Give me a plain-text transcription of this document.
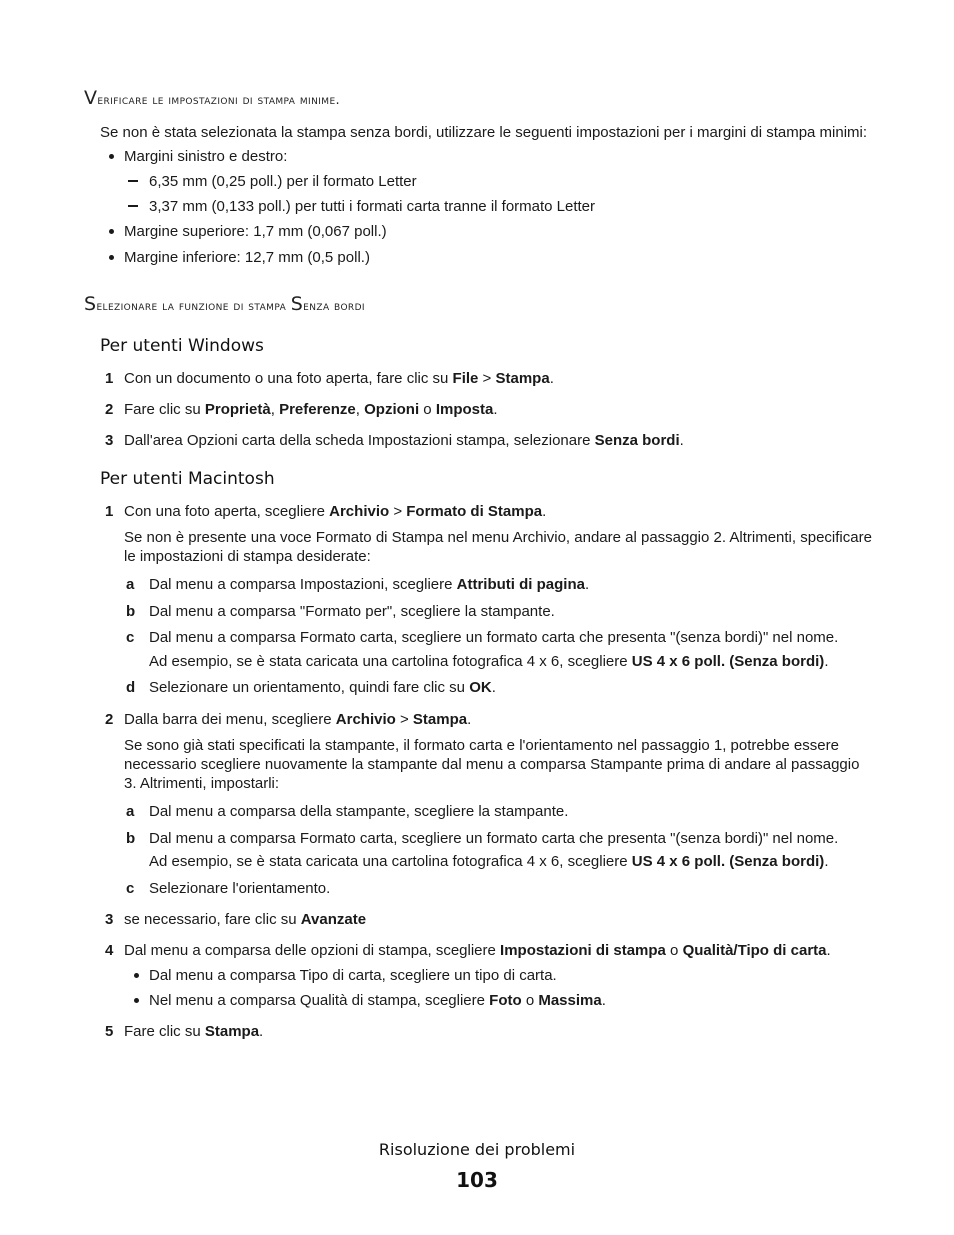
Verificare le impostazioni di stampa minime.
Se non è stata selezionata la stampa senza bordi, utilizzare le seguenti impostazioni per i margini di stampa minimi:
Margini sinistro e destro:
6,35 mm (0,25 poll.) per il formato Letter
3,37 mm (0,133 poll.) per tutti i formati carta tranne il formato Letter
Margine superiore: 1,7 mm (0,067 poll.)
Margine inferiore: 12,7 mm (0,5 poll.)
Selezionare la funzione di stampa Senza bordi
Per utenti Windows
1 Con un documento o una foto aperta, fare clic su File > Stampa.
2 Fare clic su Proprietà, Preferenze, Opzioni o Imposta.
3 Dall'area Opzioni carta della scheda Impostazioni stampa, selezionare Senza bordi.
Per utenti Macintosh
1 Con una foto aperta, scegliere Archivio > Formato di Stampa.
Se non è presente una voce Formato di Stampa nel menu Archivio, andare al passaggio 2. Altrimenti, specificare le impostazioni di stampa desiderate:
a Dal menu a comparsa Impostazioni, scegliere Attributi di pagina.
b Dal menu a comparsa "Formato per", scegliere la stampante.
c Dal menu a comparsa Formato carta, scegliere un formato carta che presenta "(senza bordi)" nel nome.
Ad esempio, se è stata caricata una cartolina fotografica 4 x 6, scegliere US 4 x 6 poll. (Senza bordi).
d Selezionare un orientamento, quindi fare clic su OK.
2 Dalla barra dei menu, scegliere Archivio > Stampa.
Se sono già stati specificati la stampante, il formato carta e l'orientamento nel passaggio 1, potrebbe essere necessario scegliere nuovamente la stampante dal menu a comparsa Stampante prima di andare al passaggio 3. Altrimenti, impostarli:
a Dal menu a comparsa della stampante, scegliere la stampante.
b Dal menu a comparsa Formato carta, scegliere un formato carta che presenta "(senza bordi)" nel nome.
Ad esempio, se è stata caricata una cartolina fotografica 4 x 6, scegliere US 4 x 6 poll. (Senza bordi).
c Selezionare l'orientamento.
3 se necessario, fare clic su Avanzate
4 Dal menu a comparsa delle opzioni di stampa, scegliere Impostazioni di stampa o Qualità/Tipo di carta.
Dal menu a comparsa Tipo di carta, scegliere un tipo di carta.
Nel menu a comparsa Qualità di stampa, scegliere Foto o Massima.
5 Fare clic su Stampa.
Risoluzione dei problemi
103
